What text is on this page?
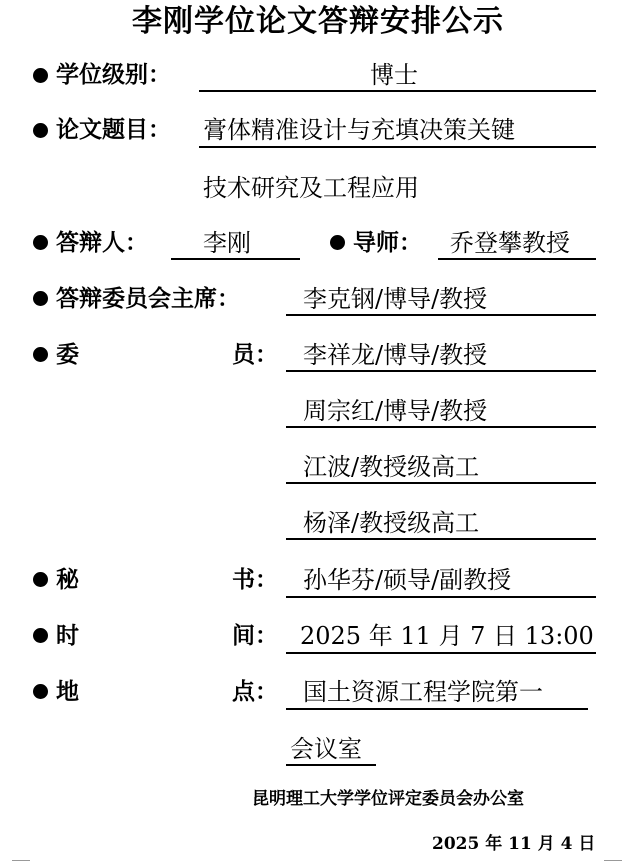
李刚学位论文答辩安排公示
学位级别：	博士
论文题目： 膏体精准设计与充填决策关键
技术研究及工程应用
答辩人： 李刚	导师： 乔登攀教授
答辩委员会主席：	李克钢/博导/教授
委	员： 李祥龙/博导/教授
周宗红/博导/教授
江波/教授级高工
杨泽/教授级高工
秘	书： 孙华芬/硕导/副教授
时	间： 2025 年 11 月 7 日 13:00
地	点： 国土资源工程学院第一
会议室
昆明理工大学学位评定委员会办公室
2025 年 11 月 4 日
